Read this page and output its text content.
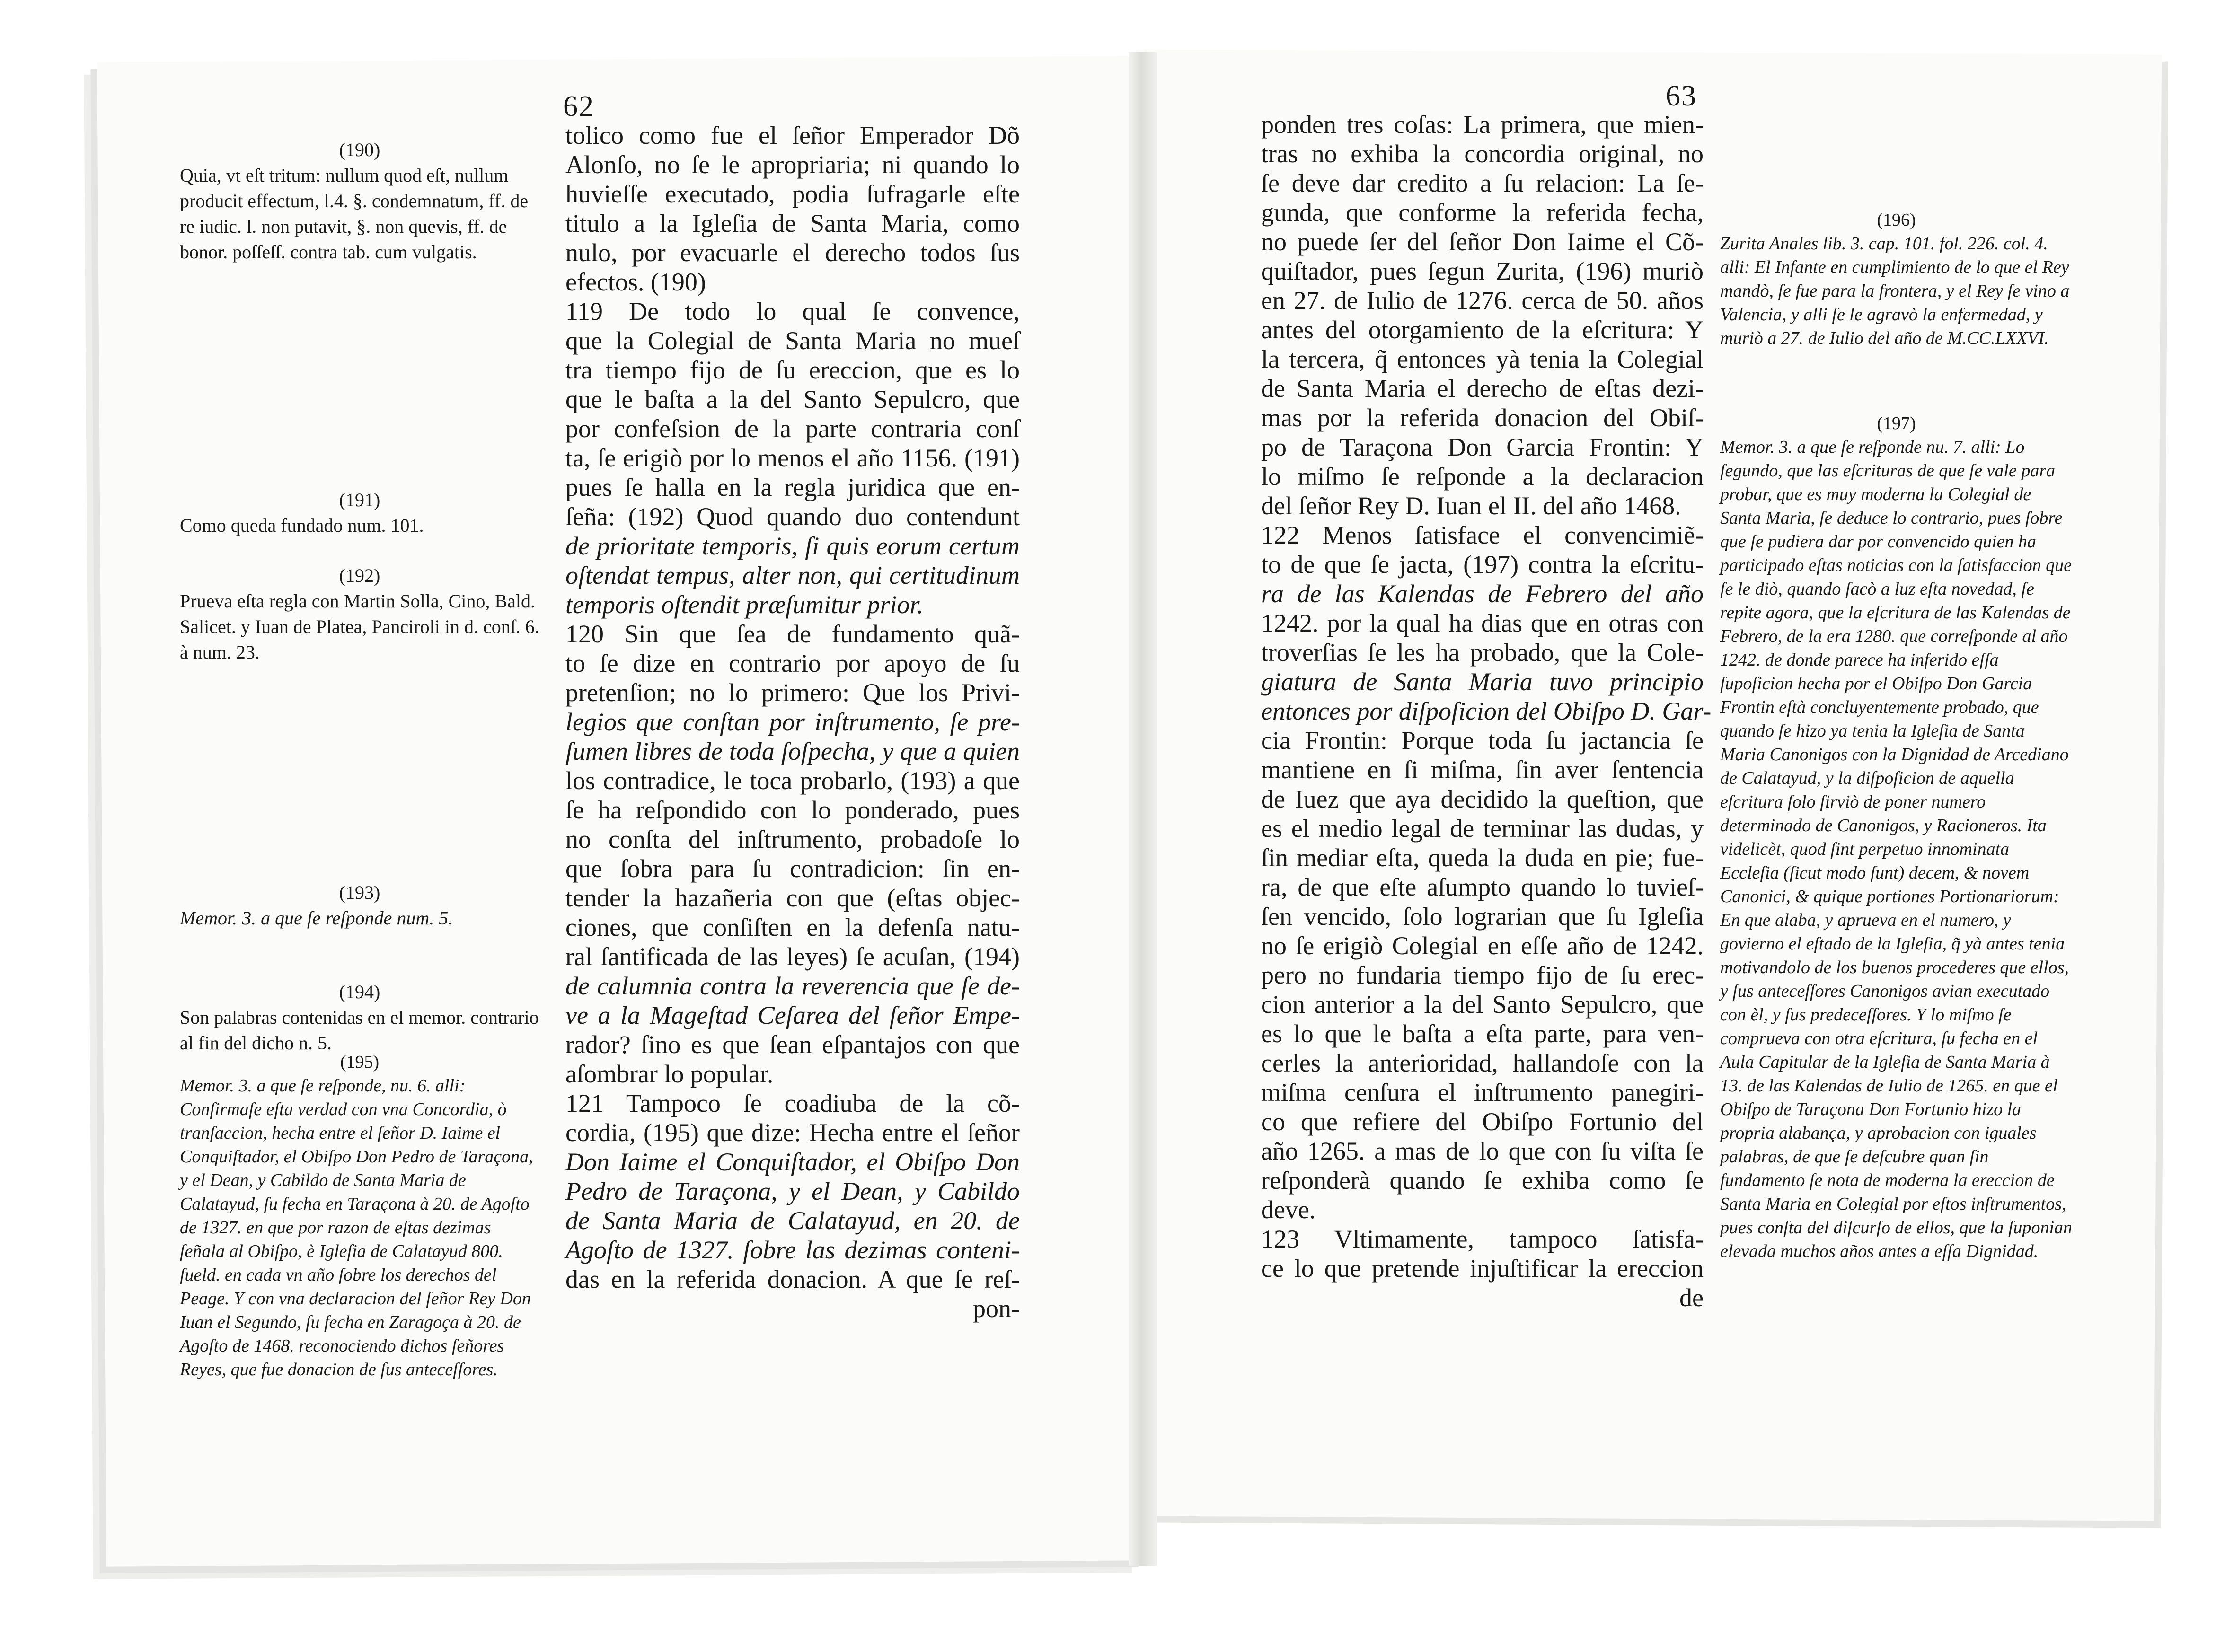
62
(190)
Quia, vt eſt tritum: nullum quod eſt, nullum producit effectum, l.4. §. condemnatum, ff. de re iudic. l. non putavit, §. non quevis, ff. de bonor. poſſeſſ. contra tab. cum vulgatis.
(191)
Como queda fundado num. 101.
(192)
Prueva eſta regla con Martin Solla, Cino, Bald. Salicet. y Iuan de Platea, Panciroli in d. conſ. 6. à num. 23.
(193)
Memor. 3. a que ſe reſponde num. 5.
(194)
Son palabras contenidas en el memor. contrario al fin del dicho n. 5.
(195)
Memor. 3. a que ſe reſponde, nu. 6. alli: Confirmaſe eſta verdad con vna Concordia, ò tranſaccion, hecha entre el ſeñor D. Iaime el Conquiſtador, el Obiſpo Don Pedro de Taraçona, y el Dean, y Cabildo de Santa Maria de Calatayud, ſu fecha en Taraçona à 20. de Agoſto de 1327. en que por razon de eſtas dezimas ſeñala al Obiſpo, è Igleſia de Calatayud 800. ſueld. en cada vn año ſobre los derechos del Peage. Y con vna declaracion del ſeñor Rey Don Iuan el Segundo, ſu fecha en Zaragoça à 20. de Agoſto de 1468. reconociendo dichos ſeñores Reyes, que fue donacion de ſus anteceſſores.
tolico como fue el ſeñor Emperador Dõ
Alonſo, no ſe le apropriaria; ni quando lo
huvieſſe executado, podia ſufragarle eſte
titulo a la Igleſia de Santa Maria, como
nulo, por evacuarle el derecho todos ſus
efectos. (190)
119 De todo lo qual ſe convence,
que la Colegial de Santa Maria no mueſ
tra tiempo fijo de ſu ereccion, que es lo
que le baſta a la del Santo Sepulcro, que
por confeſsion de la parte contraria conſ
ta, ſe erigiò por lo menos el año 1156. (191)
pues ſe halla en la regla juridica que en-
ſeña: (192) Quod quando duo contendunt
de prioritate temporis, ſi quis eorum certum
oſtendat tempus, alter non, qui certitudinum
temporis oſtendit præſumitur prior.
120 Sin que ſea de fundamento quã-
to ſe dize en contrario por apoyo de ſu
pretenſion; no lo primero: Que los Privi-
legios que conſtan por inſtrumento, ſe pre-
ſumen libres de toda ſoſpecha, y que a quien
los contradice, le toca probarlo, (193) a que
ſe ha reſpondido con lo ponderado, pues
no conſta del inſtrumento, probadoſe lo
que ſobra para ſu contradicion: ſin en-
tender la hazañeria con que (eſtas objec-
ciones, que conſiſten en la defenſa natu-
ral ſantificada de las leyes) ſe acuſan, (194)
de calumnia contra la reverencia que ſe de-
ve a la Mageſtad Ceſarea del ſeñor Empe-
rador? ſino es que ſean eſpantajos con que
aſombrar lo popular.
121 Tampoco ſe coadiuba de la cõ-
cordia, (195) que dize: Hecha entre el ſeñor
Don Iaime el Conquiſtador, el Obiſpo Don
Pedro de Taraçona, y el Dean, y Cabildo
de Santa Maria de Calatayud, en 20. de
Agoſto de 1327. ſobre las dezimas conteni-
das en la referida donacion. A que ſe reſ-
pon-
63
ponden tres coſas: La primera, que mien-
tras no exhiba la concordia original, no
ſe deve dar credito a ſu relacion: La ſe-
gunda, que conforme la referida fecha,
no puede ſer del ſeñor Don Iaime el Cõ-
quiſtador, pues ſegun Zurita, (196) muriò
en 27. de Iulio de 1276. cerca de 50. años
antes del otorgamiento de la eſcritura: Y
la tercera, q̃ entonces yà tenia la Colegial
de Santa Maria el derecho de eſtas dezi-
mas por la referida donacion del Obiſ-
po de Taraçona Don Garcia Frontin: Y
lo miſmo ſe reſponde a la declaracion
del ſeñor Rey D. Iuan el II. del año 1468.
122 Menos ſatisface el convencimiẽ-
to de que ſe jacta, (197) contra la eſcritu-
ra de las Kalendas de Febrero del año
1242. por la qual ha dias que en otras con
troverſias ſe les ha probado, que la Cole-
giatura de Santa Maria tuvo principio
entonces por diſpoſicion del Obiſpo D. Gar-
cia Frontin: Porque toda ſu jactancia ſe
mantiene en ſi miſma, ſin aver ſentencia
de Iuez que aya decidido la queſtion, que
es el medio legal de terminar las dudas, y
ſin mediar eſta, queda la duda en pie; fue-
ra, de que eſte aſumpto quando lo tuvieſ-
ſen vencido, ſolo lograrian que ſu Igleſia
no ſe erigiò Colegial en eſſe año de 1242.
pero no fundaria tiempo fijo de ſu erec-
cion anterior a la del Santo Sepulcro, que
es lo que le baſta a eſta parte, para ven-
cerles la anterioridad, hallandoſe con la
miſma cenſura el inſtrumento panegiri-
co que refiere del Obiſpo Fortunio del
año 1265. a mas de lo que con ſu viſta ſe
reſponderà quando ſe exhiba como ſe
deve.
123 Vltimamente, tampoco ſatisfa-
ce lo que pretende injuſtificar la ereccion
de
(196)
Zurita Anales lib. 3. cap. 101. fol. 226. col. 4. alli: El Infante en cumplimiento de lo que el Rey mandò, ſe fue para la frontera, y el Rey ſe vino a Valencia, y alli ſe le agravò la enfermedad, y muriò a 27. de Iulio del año de M.CC.LXXVI.
(197)
Memor. 3. a que ſe reſponde nu. 7. alli: Lo ſegundo, que las eſcrituras de que ſe vale para probar, que es muy moderna la Colegial de Santa Maria, ſe deduce lo contrario, pues ſobre que ſe pudiera dar por convencido quien ha participado eſtas noticias con la ſatisfaccion que ſe le diò, quando ſacò a luz eſta novedad, ſe repite agora, que la eſcritura de las Kalendas de Febrero, de la era 1280. que correſponde al año 1242. de donde parece ha inferido eſſa ſupoſicion hecha por el Obiſpo Don Garcia Frontin eſtà concluyentemente probado, que quando ſe hizo ya tenia la Igleſia de Santa Maria Canonigos con la Dignidad de Arcediano de Calatayud, y la diſpoſicion de aquella eſcritura ſolo ſirviò de poner numero determinado de Canonigos, y Racioneros. Ita videlicèt, quod ſint perpetuo innominata Eccleſia (ſicut modo ſunt) decem, & novem Canonici, & quique portiones Portionariorum: En que alaba, y aprueva en el numero, y govierno el eſtado de la Igleſia, q̃ yà antes tenia motivandolo de los buenos procederes que ellos, y ſus anteceſſores Canonigos avian executado con èl, y ſus predeceſſores. Y lo miſmo ſe comprueva con otra eſcritura, ſu fecha en el Aula Capitular de la Igleſia de Santa Maria à 13. de las Kalendas de Iulio de 1265. en que el Obiſpo de Taraçona Don Fortunio hizo la propria alabança, y aprobacion con iguales palabras, de que ſe deſcubre quan ſin fundamento ſe nota de moderna la ereccion de Santa Maria en Colegial por eſtos inſtrumentos, pues conſta del diſcurſo de ellos, que la ſuponian elevada muchos años antes a eſſa Dignidad.
